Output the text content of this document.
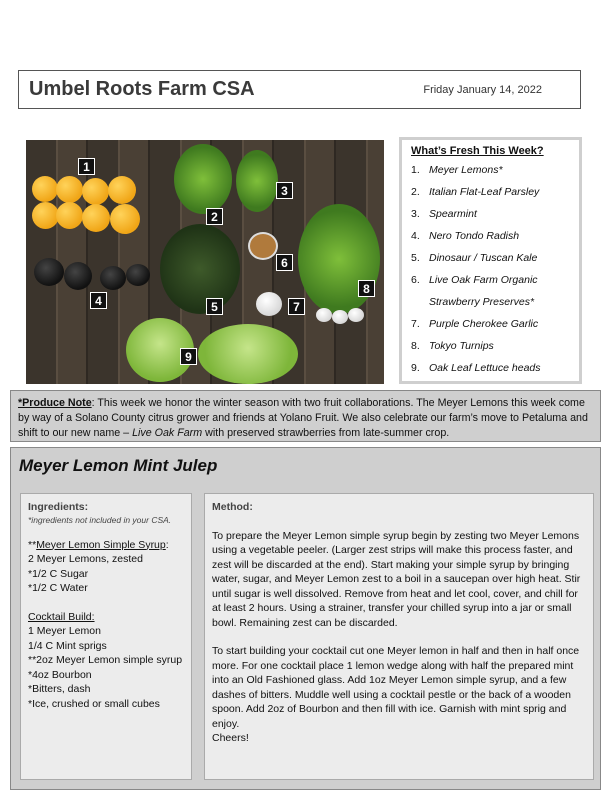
Umbel Roots Farm CSA	Friday January 14, 2022
1
2
3
4	5
6
7
8
9
What’s Fresh This Week?
1. Meyer Lemons*
2. Italian Flat-Leaf Parsley
3. Spearmint
4. Nero Tondo Radish
5. Dinosaur / Tuscan Kale
6. Live Oak Farm Organic
Strawberry Preserves*
7. Purple Cherokee Garlic
8. Tokyo Turnips
9. Oak Leaf Lettuce heads
*Produce Note: This week we honor the winter season with two fruit collaborations. The Meyer Lemons this week come by way of a Solano County citrus grower and friends at Yolano Fruit. We also celebrate our farm’s move to Petaluma and shift to our new name – Live Oak Farm with preserved strawberries from late-summer crop.
Meyer Lemon Mint Julep
Ingredients:
*ingredients not included in your CSA.
**Meyer Lemon Simple Syrup:
2 Meyer Lemons, zested
*1/2 C Sugar
*1/2 C Water
Cocktail Build:
1 Meyer Lemon
1/4 C Mint sprigs
**2oz Meyer Lemon simple syrup
*4oz Bourbon
*Bitters, dash
*Ice, crushed or small cubes
Method:
To prepare the Meyer Lemon simple syrup begin by zesting two Meyer Lemons using a vegetable peeler. (Larger zest strips will make this process faster, and zest will be discarded at the end). Start making your simple syrup by bringing water, sugar, and Meyer Lemon zest to a boil in a saucepan over high heat. Stir until sugar is well dissolved. Remove from heat and let cool, cover, and chill for at least 2 hours. Using a strainer, transfer your chilled syrup into a jar or small bowl. Remaining zest can be discarded.
To start building your cocktail cut one Meyer lemon in half and then in half once more. For one cocktail place 1 lemon wedge along with half the prepared mint into an Old Fashioned glass. Add 1oz Meyer Lemon simple syrup, and a few dashes of bitters. Muddle well using a cocktail pestle or the back of a wooden spoon. Add 2oz of Bourbon and then fill with ice. Garnish with mint sprig and enjoy.
Cheers!
